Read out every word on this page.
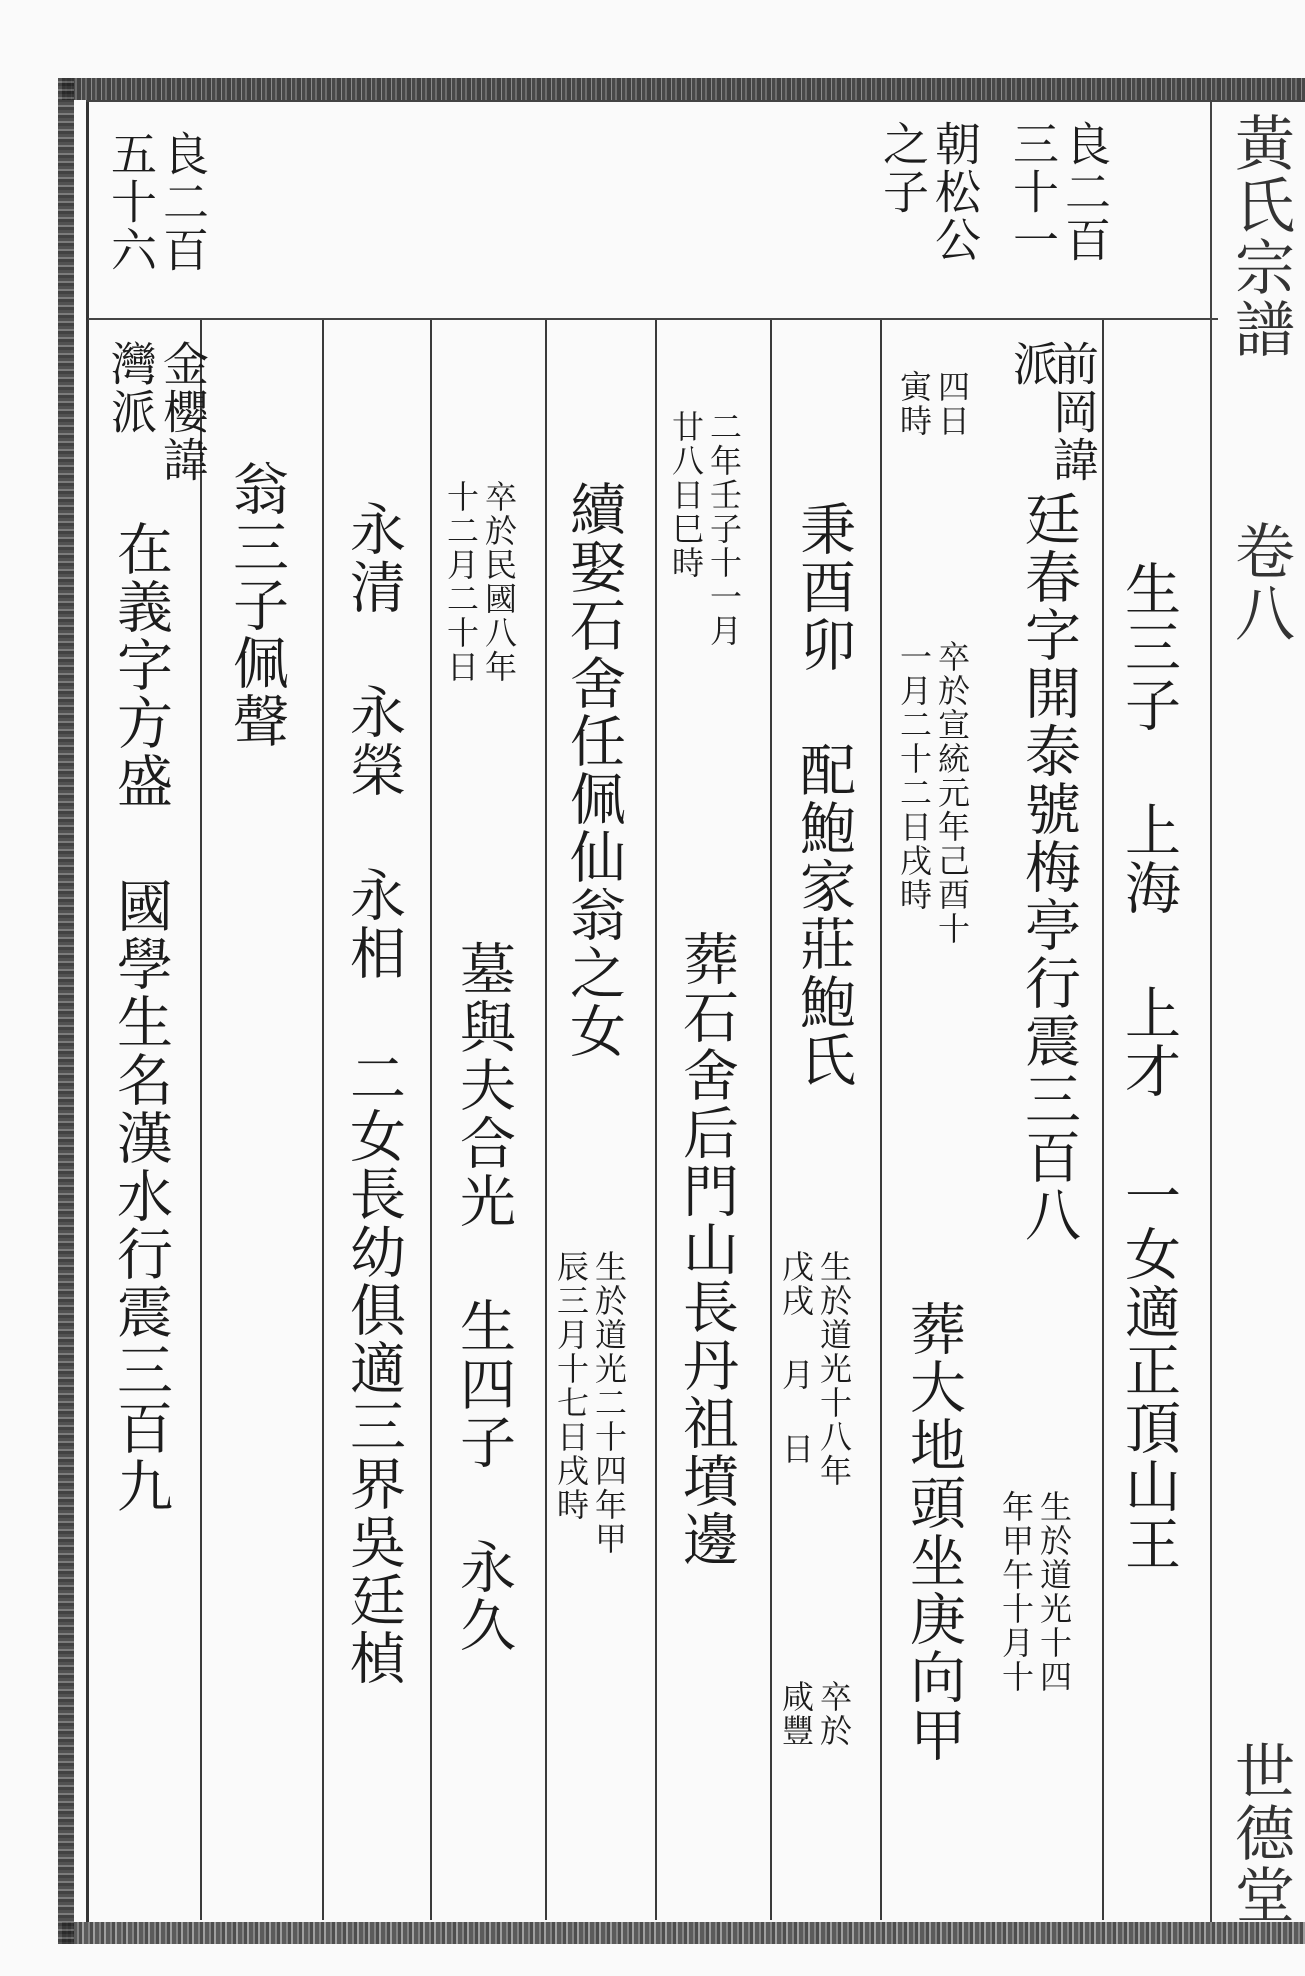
黃氏宗譜
卷八
世德堂
良二百
三十一
朝松公
之子
良二百
五十六
生三子 上海 上才 一女適正頂山王
前岡諱
派
廷春字開泰號梅亭行震三百八
生於道光十四
年甲午十月十
四日
寅時
卒於宣統元年己酉十
一月二十二日戌時
葬大地頭坐庚向甲
秉酉卯 配鮑家莊鮑氏
生於道光十八年
戊戌 月 日
卒於
咸豐
二年壬子十一月
廿八日巳時
葬石舍后門山長丹祖墳邊
續娶石舍任佩仙翁之女
生於道光二十四年甲
辰三月十七日戌時
卒於民國八年
十二月二十日
墓與夫合光 生四子 永久
永清 永榮 永相 二女長幼俱適三界吳廷楨
翁三子佩聲
金櫻諱
灣派
在義字方盛 國學生名漢水行震三百九
